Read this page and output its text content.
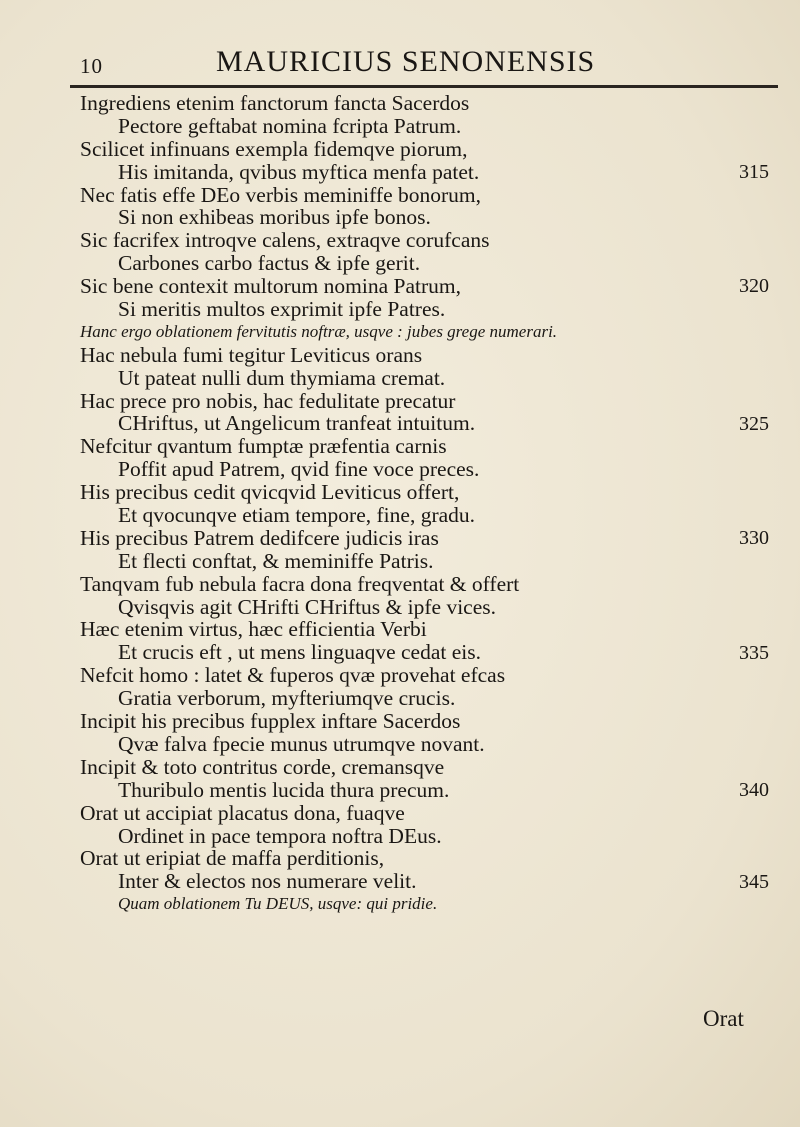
10	MAURICIUS SENONENSIS
Ingrediens etenim fanctorum fancta Sacerdos
Pectore geftabat nomina fcripta Patrum.
Scilicet infinuans exempla fidemqve piorum,
His imitanda, qvibus myftica menfa patet.
Nec fatis effe DEo verbis meminiffe bonorum,
Si non exhibeas moribus ipfe bonos.
Sic facrifex introqve calens, extraqve corufcans
Carbones carbo factus & ipfe gerit.
Sic bene contexit multorum nomina Patrum,
Si meritis multos exprimit ipfe Patres.
Hanc ergo oblationem fervitutis noftræ, usqve : jubes grege numerari.
Hac nebula fumi tegitur Leviticus orans
Ut pateat nulli dum thymiama cremat.
Hac prece pro nobis, hac fedulitate precatur
CHriftus, ut Angelicum tranfeat intuitum.
Nefcitur qvantum fumptæ præfentia carnis
Poffit apud Patrem, qvid fine voce preces.
His precibus cedit qvicqvid Leviticus offert,
Et qvocunqve etiam tempore, fine, gradu.
His precibus Patrem dedifcere judicis iras
Et flecti conftat, & meminiffe Patris.
Tanqvam fub nebula facra dona freqventat & offert
Qvisqvis agit CHrifti CHriftus & ipfe vices.
Hæc etenim virtus, hæc efficientia Verbi
Et crucis eft , ut mens linguaqve cedat eis.
Nefcit homo : latet & fuperos qvæ provehat efcas
Gratia verborum, myfteriumqve crucis.
Incipit his precibus fupplex inftare Sacerdos
Qvæ falva fpecie munus utrumqve novant.
Incipit & toto contritus corde, cremansqve
Thuribulo mentis lucida thura precum.
Orat ut accipiat placatus dona, fuaqve
Ordinet in pace tempora noftra DEus.
Orat ut eripiat de maffa perditionis,
Inter & electos nos numerare velit.
Quam oblationem Tu DEUS, usqve: qui pridie.
315
320
325
330
335
340
345
Orat
